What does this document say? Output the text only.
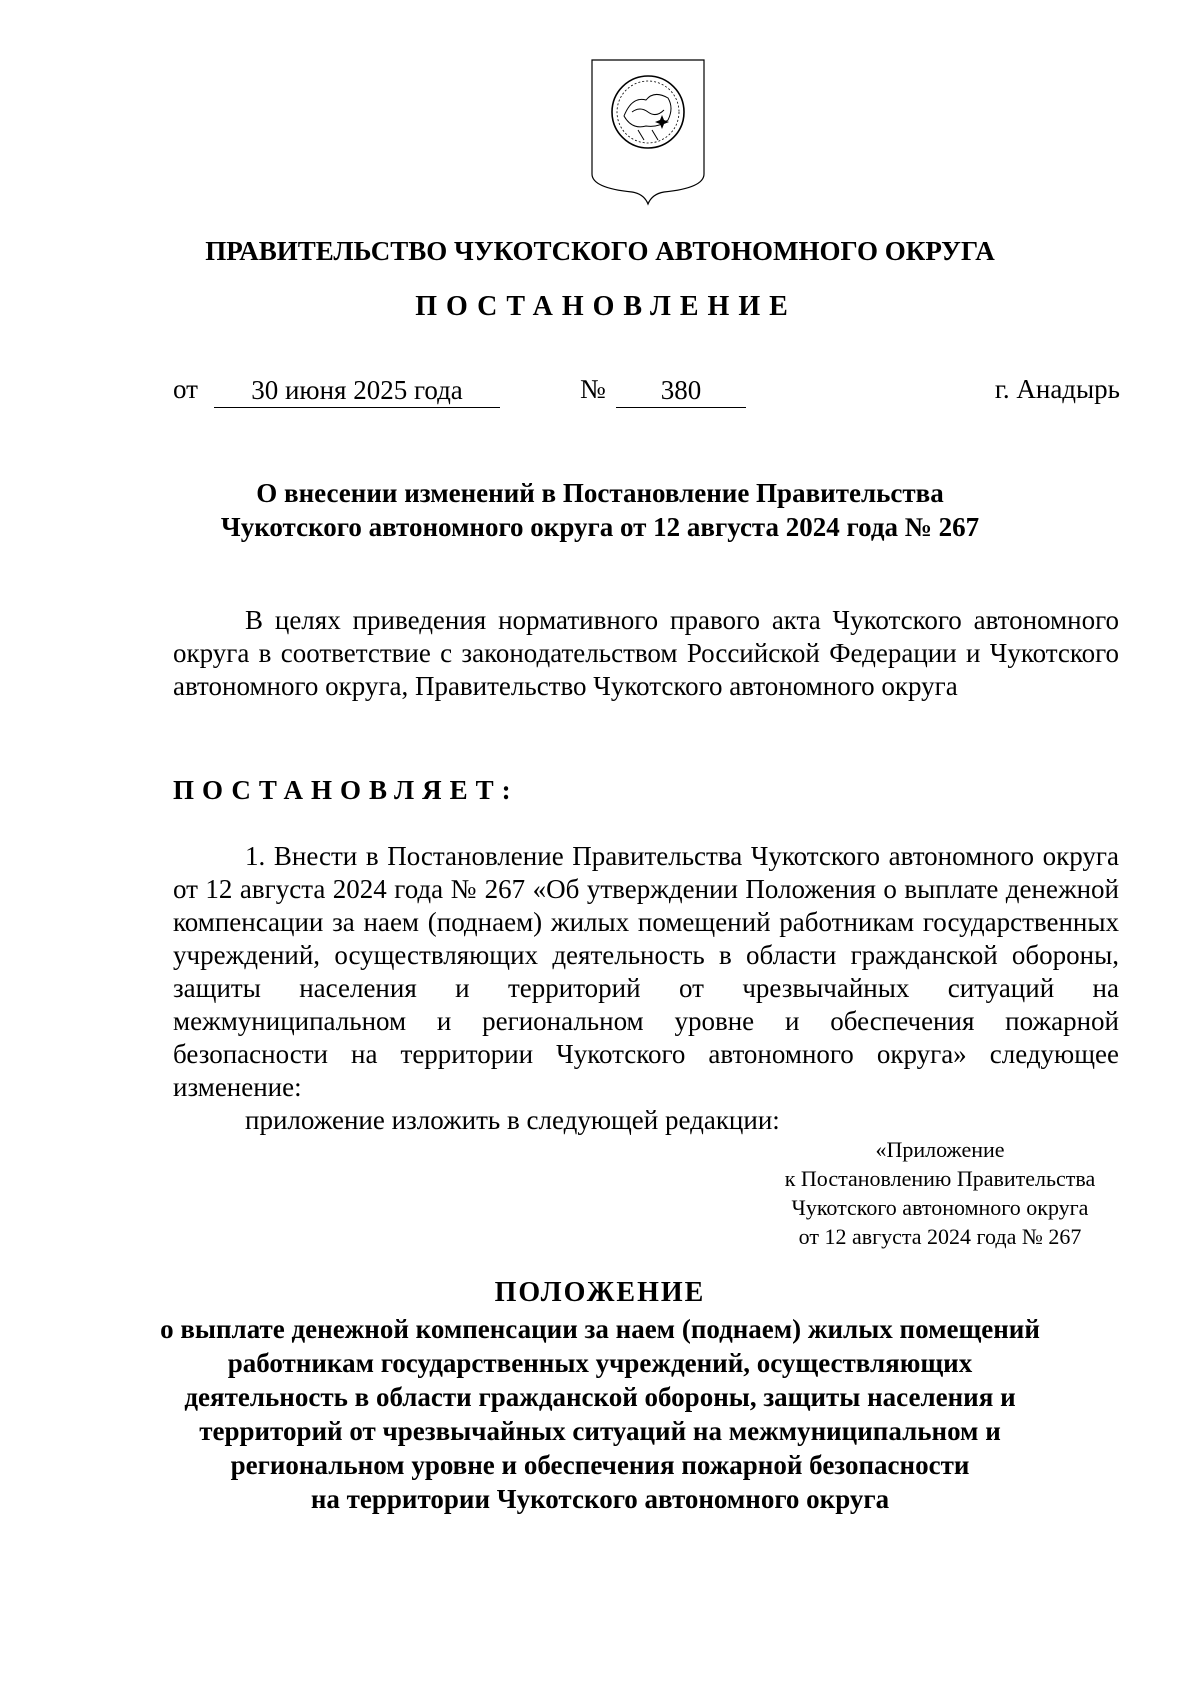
ПРАВИТЕЛЬСТВО ЧУКОТСКОГО АВТОНОМНОГО ОКРУГА
ПОСТАНОВЛЕНИЕ
от	30 июня 2025 года	№	380	г. Анадырь
О внесении изменений в Постановление Правительства
Чукотского автономного округа от 12 августа 2024 года № 267
В целях приведения нормативного правого акта Чукотского автономного округа в соответствие с законодательством Российской Федерации и Чукотского автономного округа, Правительство Чукотского автономного округа
ПОСТАНОВЛЯЕТ:
1. Внести в Постановление Правительства Чукотского автономного округа от 12 августа 2024 года № 267 «Об утверждении Положения о выплате денежной компенсации за наем (поднаем) жилых помещений работникам государственных учреждений, осуществляющих деятельность в области гражданской обороны, защиты населения и территорий от чрезвычайных ситуаций на межмуниципальном и региональном уровне и обеспечения пожарной безопасности на территории Чукотского автономного округа» следующее изменение:
приложение изложить в следующей редакции:
«Приложение
к Постановлению Правительства
Чукотского автономного округа
от 12 августа 2024 года № 267
ПОЛОЖЕНИЕ
о выплате денежной компенсации за наем (поднаем) жилых помещений
работникам государственных учреждений, осуществляющих
деятельность в области гражданской обороны, защиты населения и
территорий от чрезвычайных ситуаций на межмуниципальном и
региональном уровне и обеспечения пожарной безопасности
на территории Чукотского автономного округа
